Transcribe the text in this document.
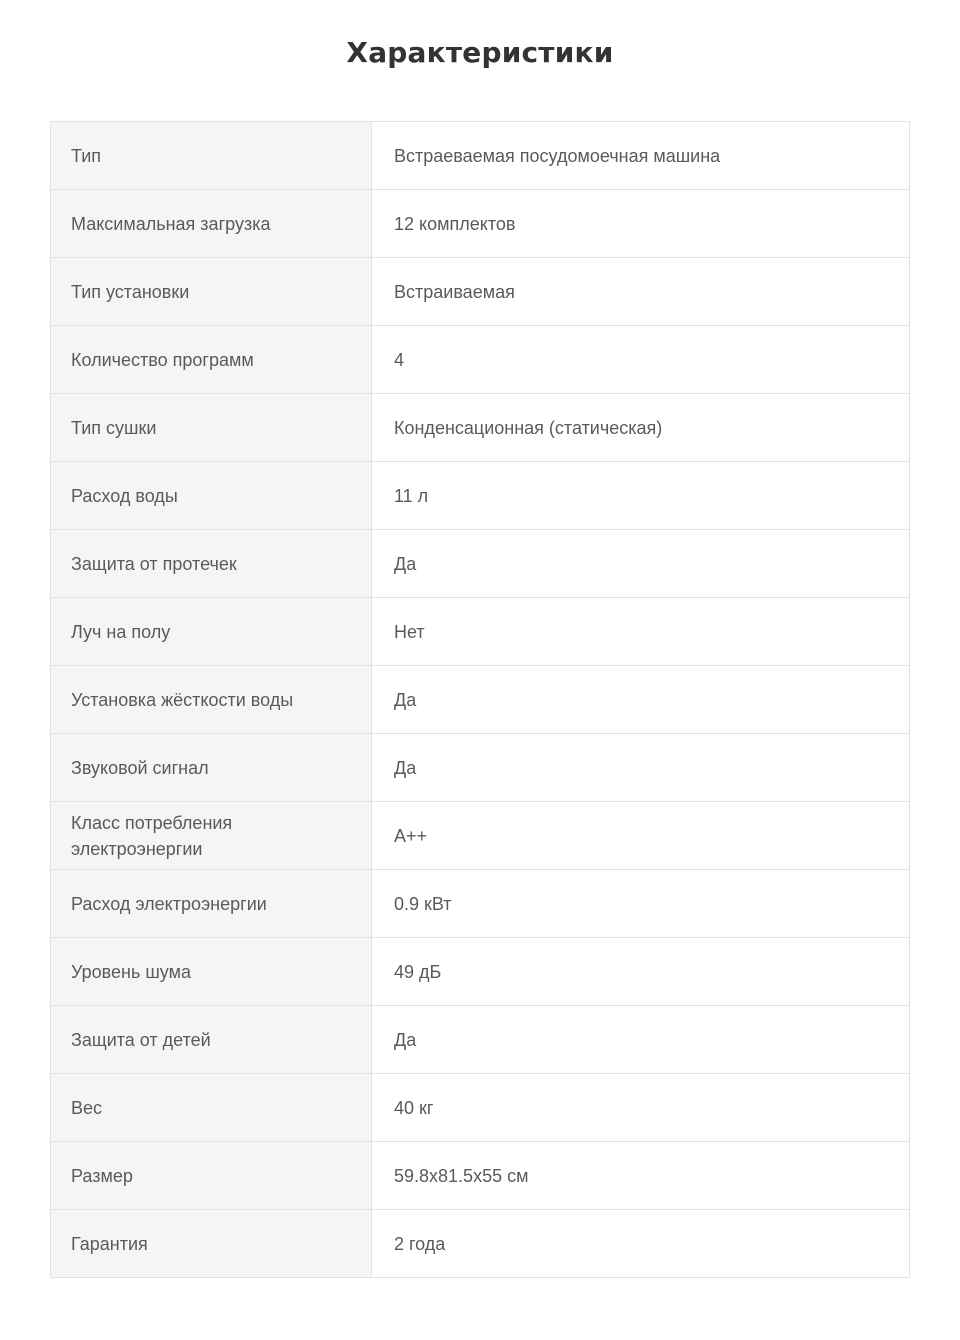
Характеристики
Тип	Встраеваемая посудомоечная машина
Максимальная загрузка	12 комплектов
Тип установки	Встраиваемая
Количество программ	4
Тип сушки	Конденсационная (статическая)
Расход воды	11 л
Защита от протечек	Да
Луч на полу	Нет
Установка жёсткости воды	Да
Звуковой сигнал	Да
Класс потребления электроэнергии	A++
Расход электроэнергии	0.9 кВт
Уровень шума	49 дБ
Защита от детей	Да
Вес	40 кг
Размер	59.8x81.5x55 см
Гарантия	2 года
